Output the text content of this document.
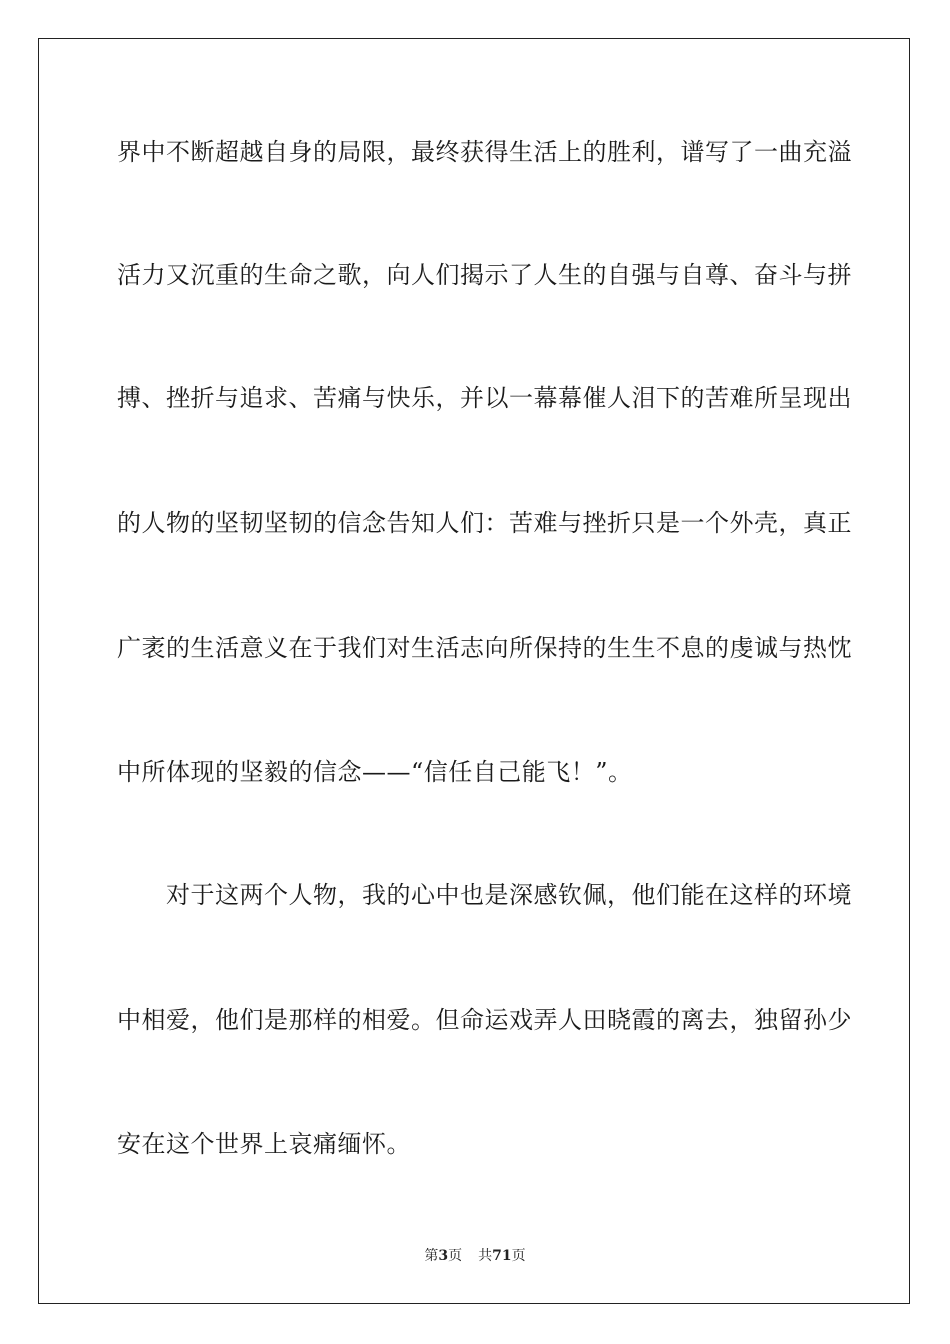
界中不断超越自身的局限，最终获得生活上的胜利，谱写了一曲充溢
活力又沉重的生命之歌，向人们揭示了人生的自强与自尊、奋斗与拼
搏、挫折与追求、苦痛与快乐，并以一幕幕催人泪下的苦难所呈现出
的人物的坚韧坚韧的信念告知人们：苦难与挫折只是一个外壳，真正
广袤的生活意义在于我们对生活志向所保持的生生不息的虔诚与热忱
中所体现的坚毅的信念——“信任自己能飞！”。
　　对于这两个人物，我的心中也是深感钦佩，他们能在这样的环境
中相爱，他们是那样的相爱。但命运戏弄人田晓霞的离去，独留孙少
安在这个世界上哀痛缅怀。
第3页 共71页
